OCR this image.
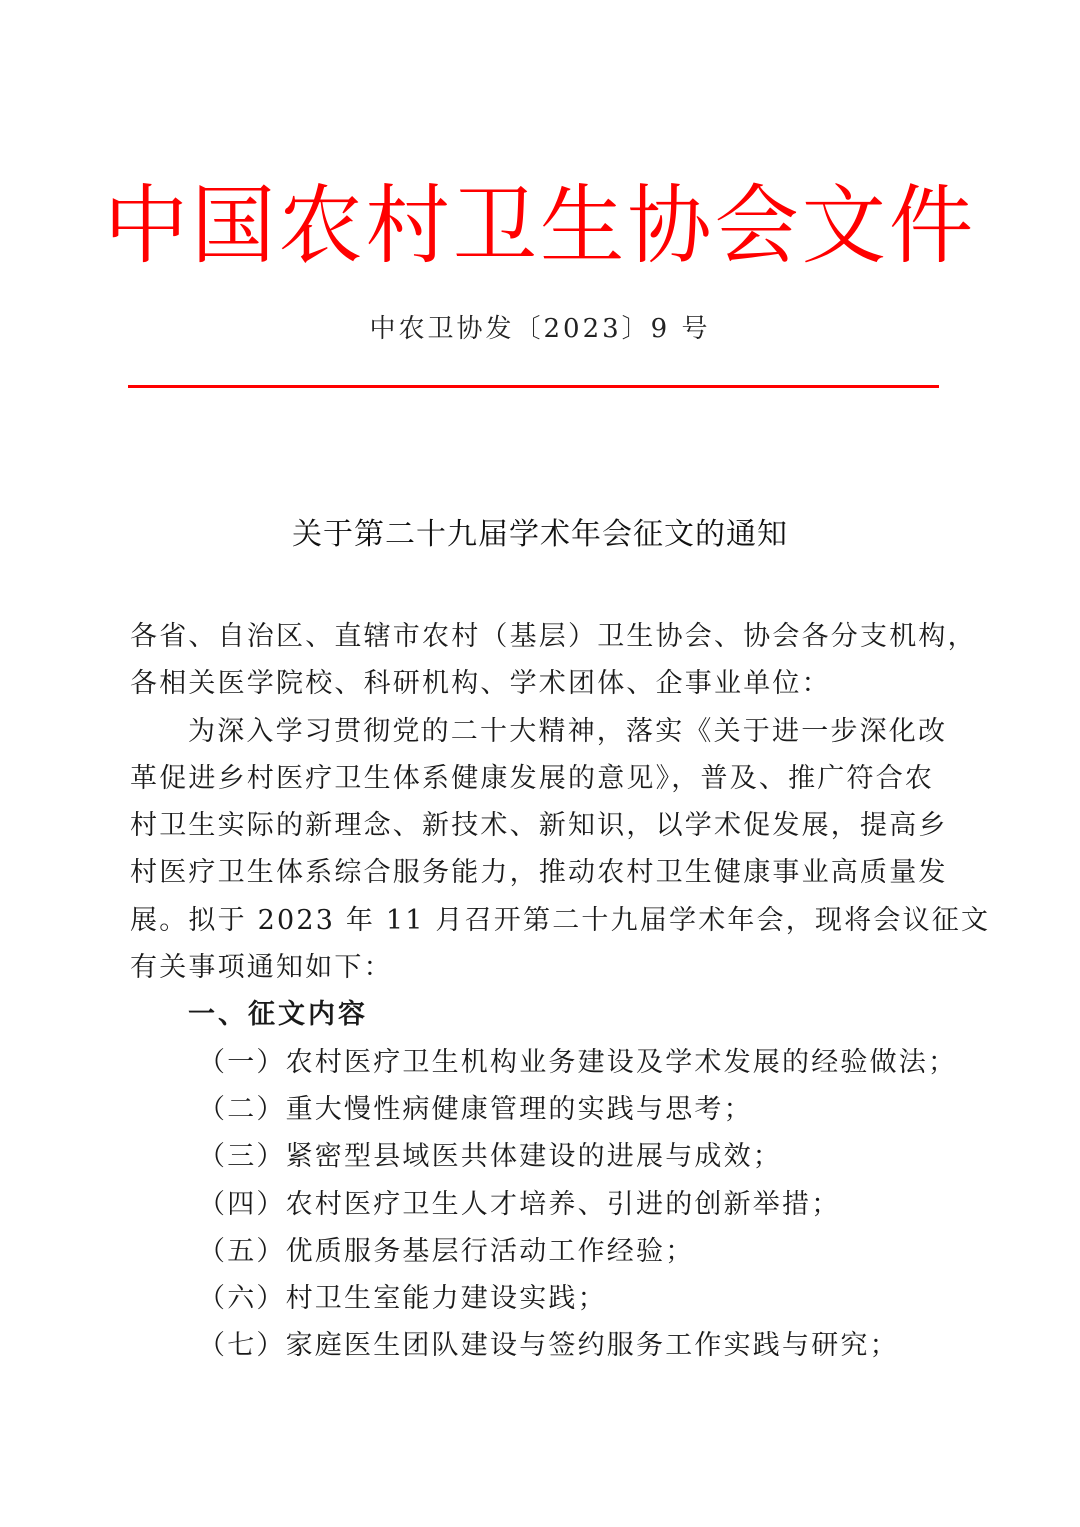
中国农村卫生协会文件
中农卫协发〔2023〕9 号
关于第二十九届学术年会征文的通知
各省、自治区、直辖市农村（基层）卫生协会、协会各分支机构，
各相关医学院校、科研机构、学术团体、企事业单位：
为深入学习贯彻党的二十大精神，落实《关于进一步深化改
革促进乡村医疗卫生体系健康发展的意见》，普及、推广符合农
村卫生实际的新理念、新技术、新知识，以学术促发展，提高乡
村医疗卫生体系综合服务能力，推动农村卫生健康事业高质量发
展。拟于 2023 年 11 月召开第二十九届学术年会，现将会议征文
有关事项通知如下：
一、征文内容
（一）农村医疗卫生机构业务建设及学术发展的经验做法；
（二）重大慢性病健康管理的实践与思考；
（三）紧密型县域医共体建设的进展与成效；
（四）农村医疗卫生人才培养、引进的创新举措；
（五）优质服务基层行活动工作经验；
（六）村卫生室能力建设实践；
（七）家庭医生团队建设与签约服务工作实践与研究；
